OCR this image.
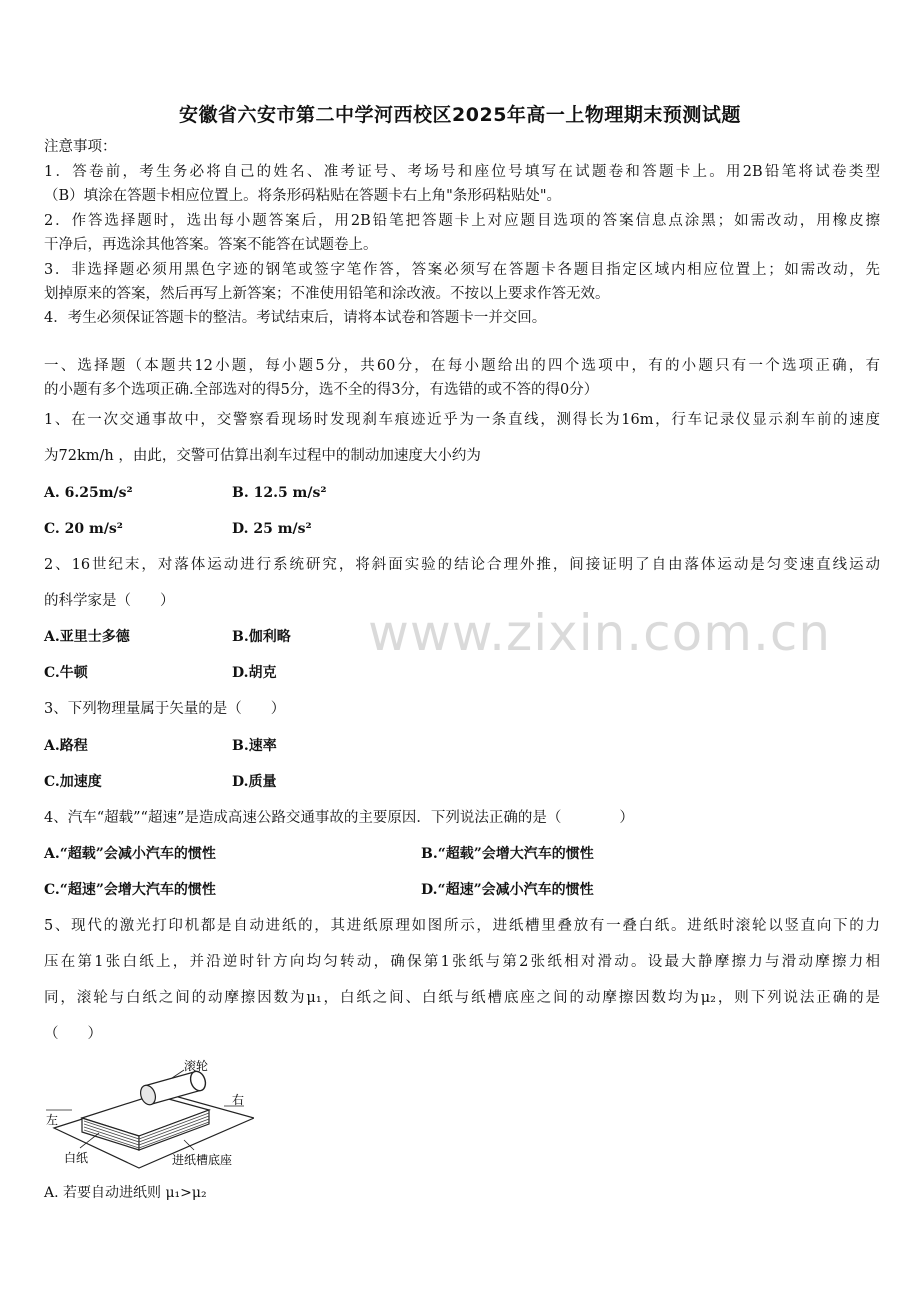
安徽省六安市第二中学河西校区2025年高一上物理期末预测试题
注意事项：
1．答卷前，考生务必将自己的姓名、准考证号、考场号和座位号填写在试题卷和答题卡上。用2B铅笔将试卷类型
（B）填涂在答题卡相应位置上。将条形码粘贴在答题卡右上角"条形码粘贴处"。
2．作答选择题时，选出每小题答案后，用2B铅笔把答题卡上对应题目选项的答案信息点涂黑；如需改动，用橡皮擦
干净后，再选涂其他答案。答案不能答在试题卷上。
3．非选择题必须用黑色字迹的钢笔或签字笔作答，答案必须写在答题卡各题目指定区域内相应位置上；如需改动，先
划掉原来的答案，然后再写上新答案；不准使用铅笔和涂改液。不按以上要求作答无效。
4．考生必须保证答题卡的整洁。考试结束后，请将本试卷和答题卡一并交回。
一、选择题（本题共12小题，每小题5分，共60分，在每小题给出的四个选项中，有的小题只有一个选项正确，有
的小题有多个选项正确.全部选对的得5分，选不全的得3分，有选错的或不答的得0分）
1、在一次交通事故中，交警察看现场时发现刹车痕迹近乎为一条直线，测得长为16m，行车记录仪显示刹车前的速度
为72km/h ，由此，交警可估算出刹车过程中的制动加速度大小约为
A. 6.25m/s²	B. 12.5 m/s²
C. 20 m/s²	D. 25 m/s²
2、16世纪末，对落体运动进行系统研究，将斜面实验的结论合理外推，间接证明了自由落体运动是匀变速直线运动
的科学家是（　　）
A.亚里士多德	B.伽利略
C.牛顿	D.胡克
www.zixin.com.cn
3、下列物理量属于矢量的是（　　）
A.路程	B.速率
C.加速度	D.质量
4、汽车“超载”“超速”是造成高速公路交通事故的主要原因．下列说法正确的是（　　　　）
A.“超载”会减小汽车的惯性	B.“超载”会增大汽车的惯性
C.“超速”会增大汽车的惯性	D.“超速”会减小汽车的惯性
5、现代的激光打印机都是自动进纸的，其进纸原理如图所示，进纸槽里叠放有一叠白纸。进纸时滚轮以竖直向下的力
压在第1张白纸上，并沿逆时针方向均匀转动，确保第1张纸与第2张纸相对滑动。设最大静摩擦力与滑动摩擦力相
同，滚轮与白纸之间的动摩擦因数为μ₁，白纸之间、白纸与纸槽底座之间的动摩擦因数均为μ₂，则下列说法正确的是
（　　）
滚轮
左
右
白纸	进纸槽底座
A. 若要自动进纸则 μ₁>μ₂
